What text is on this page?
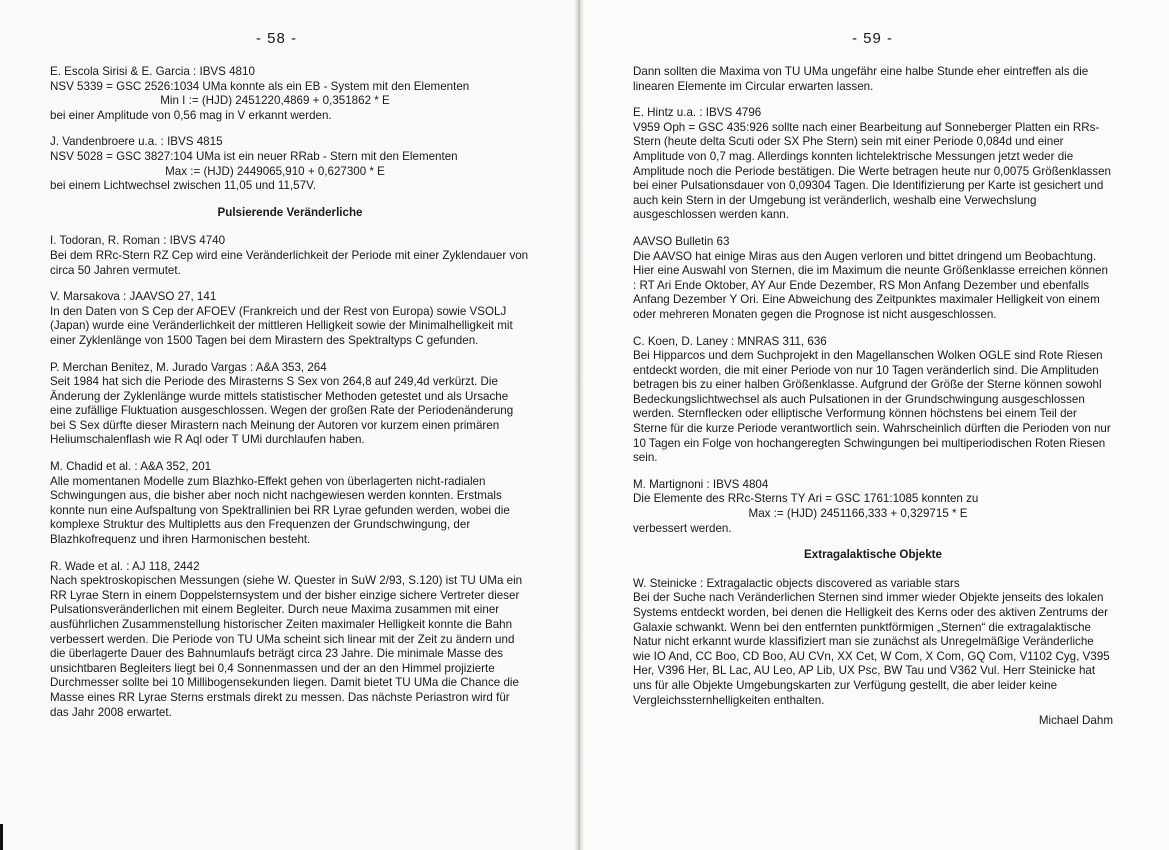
- 58 -
E. Escola Sirisi & E. Garcia : IBVS 4810
NSV 5339 = GSC 2526:1034 UMa konnte als ein EB - System mit den Elementen
Min I := (HJD) 2451220,4869 + 0,351862 * E
bei einer Amplitude von 0,56 mag in V erkannt werden.
J. Vandenbroere u.a. : IBVS 4815
NSV 5028 = GSC 3827:104 UMa ist ein neuer RRab - Stern mit den Elementen
Max := (HJD) 2449065,910 + 0,627300 * E
bei einem Lichtwechsel zwischen 11,05 und 11,57V.
Pulsierende Veränderliche
I. Todoran, R. Roman : IBVS 4740
Bei dem RRc-Stern RZ Cep wird eine Veränderlichkeit der Periode mit einer Zyklendauer von circa 50 Jahren vermutet.
V. Marsakova : JAAVSO 27, 141
In den Daten von S Cep der AFOEV (Frankreich und der Rest von Europa) sowie VSOLJ (Japan) wurde eine Veränderlichkeit der mittleren Helligkeit sowie der Minimalhelligkeit mit einer Zyklenlänge von 1500 Tagen bei dem Mirastern des Spektraltyps C gefunden.
P. Merchan Benitez, M. Jurado Vargas : A&A 353, 264
Seit 1984 hat sich die Periode des Mirasterns S Sex von 264,8 auf 249,4d verkürzt. Die Änderung der Zyklenlänge wurde mittels statistischer Methoden getestet und als Ursache eine zufällige Fluktuation ausgeschlossen. Wegen der großen Rate der Periodenänderung bei S Sex dürfte dieser Mirastern nach Meinung der Autoren vor kurzem einen primären Heliumschalenflash wie R Aql oder T UMi durchlaufen haben.
M. Chadid et al. : A&A 352, 201
Alle momentanen Modelle zum Blazhko-Effekt gehen von überlagerten nicht-radialen Schwingungen aus, die bisher aber noch nicht nachgewiesen werden konnten. Erstmals konnte nun eine Aufspaltung von Spektrallinien bei RR Lyrae gefunden werden, wobei die komplexe Struktur des Multipletts aus den Frequenzen der Grundschwingung, der Blazhkofrequenz und ihren Harmonischen besteht.
R. Wade et al. : AJ 118, 2442
Nach spektroskopischen Messungen (siehe W. Quester in SuW 2/93, S.120) ist TU UMa ein RR Lyrae Stern in einem Doppelsternsystem und der bisher einzige sichere Vertreter dieser Pulsationsveränderlichen mit einem Begleiter. Durch neue Maxima zusammen mit einer ausführlichen Zusammenstellung historischer Zeiten maximaler Helligkeit konnte die Bahn verbessert werden. Die Periode von TU UMa scheint sich linear mit der Zeit zu ändern und die überlagerte Dauer des Bahnumlaufs beträgt circa 23 Jahre. Die minimale Masse des unsichtbaren Begleiters liegt bei 0,4 Sonnenmassen und der an den Himmel projizierte Durchmesser sollte bei 10 Millibogensekunden liegen. Damit bietet TU UMa die Chance die Masse eines RR Lyrae Sterns erstmals direkt zu messen. Das nächste Periastron wird für das Jahr 2008 erwartet.
- 59 -
Dann sollten die Maxima von TU UMa ungefähr eine halbe Stunde eher eintreffen als die linearen Elemente im Circular erwarten lassen.
E. Hintz u.a. : IBVS 4796
V959 Oph = GSC 435:926 sollte nach einer Bearbeitung auf Sonneberger Platten ein RRs-Stern (heute delta Scuti oder SX Phe Stern) sein mit einer Periode 0,084d und einer Amplitude von 0,7 mag. Allerdings konnten lichtelektrische Messungen jetzt weder die Amplitude noch die Periode bestätigen. Die Werte betragen heute nur 0,0075 Größenklassen bei einer Pulsationsdauer von 0,09304 Tagen. Die Identifizierung per Karte ist gesichert und auch kein Stern in der Umgebung ist veränderlich, weshalb eine Verwechslung ausgeschlossen werden kann.
AAVSO Bulletin 63
Die AAVSO hat einige Miras aus den Augen verloren und bittet dringend um Beobachtung. Hier eine Auswahl von Sternen, die im Maximum die neunte Größenklasse erreichen können : RT Ari Ende Oktober, AY Aur Ende Dezember, RS Mon Anfang Dezember und ebenfalls Anfang Dezember Y Ori. Eine Abweichung des Zeitpunktes maximaler Helligkeit von einem oder mehreren Monaten gegen die Prognose ist nicht ausgeschlossen.
C. Koen, D. Laney : MNRAS 311, 636
Bei Hipparcos und dem Suchprojekt in den Magellanschen Wolken OGLE sind Rote Riesen entdeckt worden, die mit einer Periode von nur 10 Tagen veränderlich sind. Die Amplituden betragen bis zu einer halben Größenklasse. Aufgrund der Größe der Sterne können sowohl Bedeckungslichtwechsel als auch Pulsationen in der Grundschwingung ausgeschlossen werden. Sternflecken oder elliptische Verformung können höchstens bei einem Teil der Sterne für die kurze Periode verantwortlich sein. Wahrscheinlich dürften die Perioden von nur 10 Tagen ein Folge von hochangeregten Schwingungen bei multiperiodischen Roten Riesen sein.
M. Martignoni : IBVS 4804
Die Elemente des RRc-Sterns TY Ari = GSC 1761:1085 konnten zu
Max := (HJD) 2451166,333 + 0,329715 * E
verbessert werden.
Extragalaktische Objekte
W. Steinicke : Extragalactic objects discovered as variable stars
Bei der Suche nach Veränderlichen Sternen sind immer wieder Objekte jenseits des lokalen Systems entdeckt worden, bei denen die Helligkeit des Kerns oder des aktiven Zentrums der Galaxie schwankt. Wenn bei den entfernten punktförmigen „Sternen“ die extragalaktische Natur nicht erkannt wurde klassifiziert man sie zunächst als Unregelmäßige Veränderliche wie IO And, CC Boo, CD Boo, AU CVn, XX Cet, W Com, X Com, GQ Com, V1102 Cyg, V395 Her, V396 Her, BL Lac, AU Leo, AP Lib, UX Psc, BW Tau und V362 Vul. Herr Steinicke hat uns für alle Objekte Umgebungskarten zur Verfügung gestellt, die aber leider keine Vergleichssternhelligkeiten enthalten.
Michael Dahm
